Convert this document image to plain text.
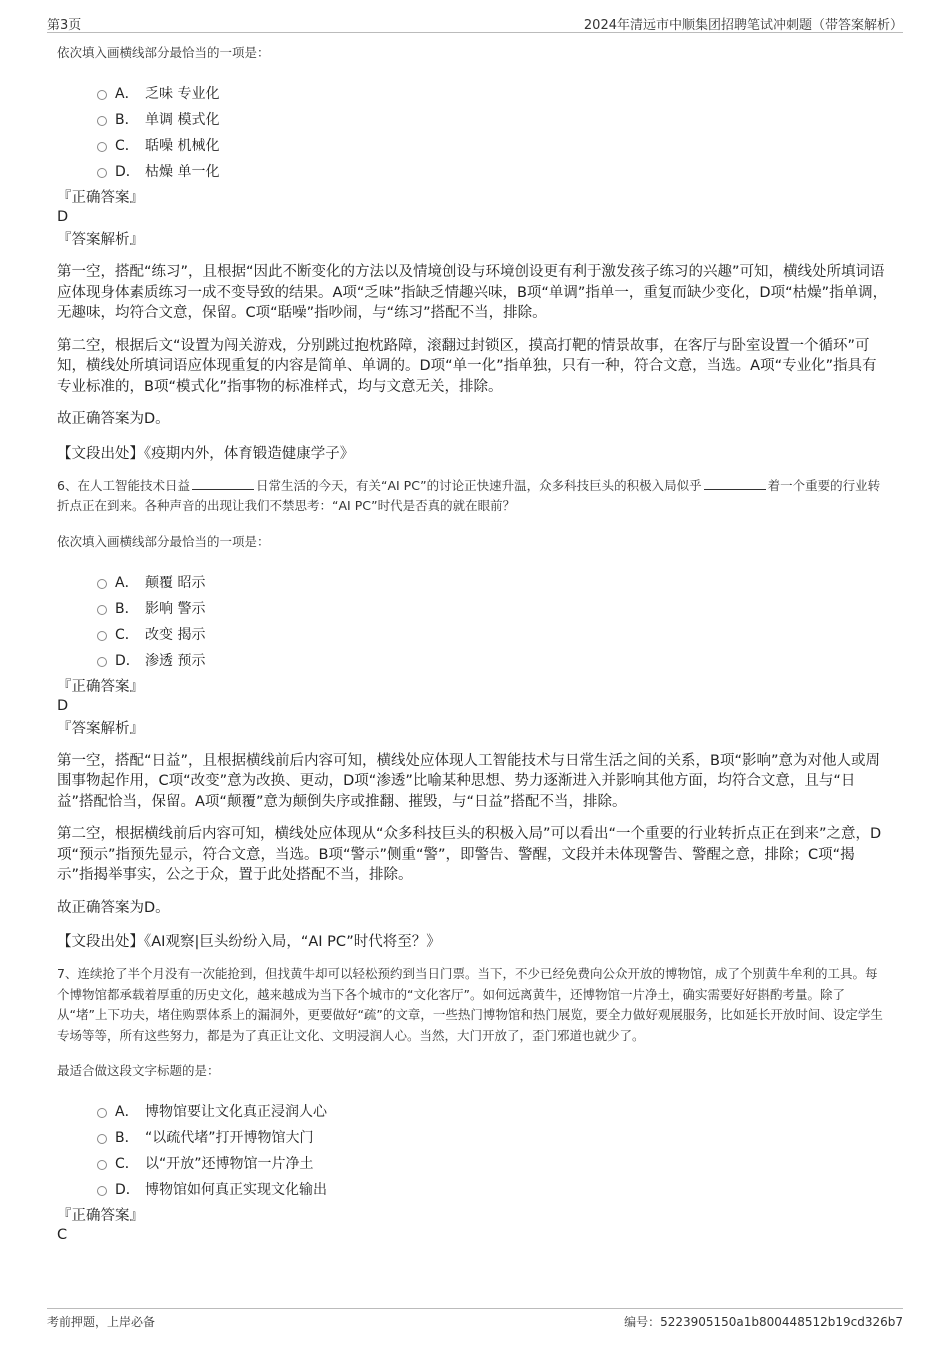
第3页	2024年清远市中顺集团招聘笔试冲刺题（带答案解析）

依次填入画横线部分最恰当的一项是：

A． 乏味 专业化
B． 单调 模式化
C． 聒噪 机械化
D． 枯燥 单一化
『正确答案』
D
『答案解析』

第一空，搭配“练习”，且根据“因此不断变化的方法以及情境创设与环境创设更有利于激发孩子练习的兴趣”可知，横线处所填词语应体现身体素质练习一成不变导致的结果。A项“乏味”指缺乏情趣兴味，B项“单调”指单一，重复而缺少变化，D项“枯燥”指单调，无趣味，均符合文意，保留。C项“聒噪”指吵闹，与“练习”搭配不当，排除。

第二空，根据后文“设置为闯关游戏，分别跳过抱枕路障，滚翻过封锁区，摸高打靶的情景故事，在客厅与卧室设置一个循环”可知，横线处所填词语应体现重复的内容是简单、单调的。D项“单一化”指单独，只有一种，符合文意，当选。A项“专业化”指具有专业标准的，B项“模式化”指事物的标准样式，均与文意无关，排除。

故正确答案为D。

【文段出处】《疫期内外，体育锻造健康学子》

6、在人工智能技术日益	日常生活的今天，有关“AI PC”的讨论正快速升温，众多科技巨头的积极入局似乎	着一个重要的行业转折点正在到来。各种声音的出现让我们不禁思考：“AI PC”时代是否真的就在眼前？

依次填入画横线部分最恰当的一项是：

A． 颠覆 昭示
B． 影响 警示
C． 改变 揭示
D． 渗透 预示
『正确答案』
D
『答案解析』

第一空，搭配“日益”，且根据横线前后内容可知，横线处应体现人工智能技术与日常生活之间的关系，B项“影响”意为对他人或周围事物起作用，C项“改变”意为改换、更动，D项“渗透”比喻某种思想、势力逐渐进入并影响其他方面，均符合文意，且与“日益”搭配恰当，保留。A项“颠覆”意为颠倒失序或推翻、摧毁，与“日益”搭配不当，排除。

第二空，根据横线前后内容可知，横线处应体现从“众多科技巨头的积极入局”可以看出“一个重要的行业转折点正在到来”之意，D项“预示”指预先显示，符合文意，当选。B项“警示”侧重“警”，即警告、警醒，文段并未体现警告、警醒之意，排除；C项“揭示”指揭举事实，公之于众，置于此处搭配不当，排除。

故正确答案为D。

【文段出处】《AI观察|巨头纷纷入局，“AI PC”时代将至？》

7、连续抢了半个月没有一次能抢到，但找黄牛却可以轻松预约到当日门票。当下，不少已经免费向公众开放的博物馆，成了个别黄牛牟利的工具。每个博物馆都承载着厚重的历史文化，越来越成为当下各个城市的“文化客厅”。如何远离黄牛，还博物馆一片净土，确实需要好好斟酌考量。除了从“堵”上下功夫，堵住购票体系上的漏洞外，更要做好“疏”的文章，一些热门博物馆和热门展览，要全力做好观展服务，比如延长开放时间、设定学生专场等等，所有这些努力，都是为了真正让文化、文明浸润人心。当然，大门开放了，歪门邪道也就少了。

最适合做这段文字标题的是：

A． 博物馆要让文化真正浸润人心
B． “以疏代堵”打开博物馆大门
C． 以“开放”还博物馆一片净土
D． 博物馆如何真正实现文化输出
『正确答案』
C
考前押题，上岸必备	编号：5223905150a1b800448512b19cd326b7
